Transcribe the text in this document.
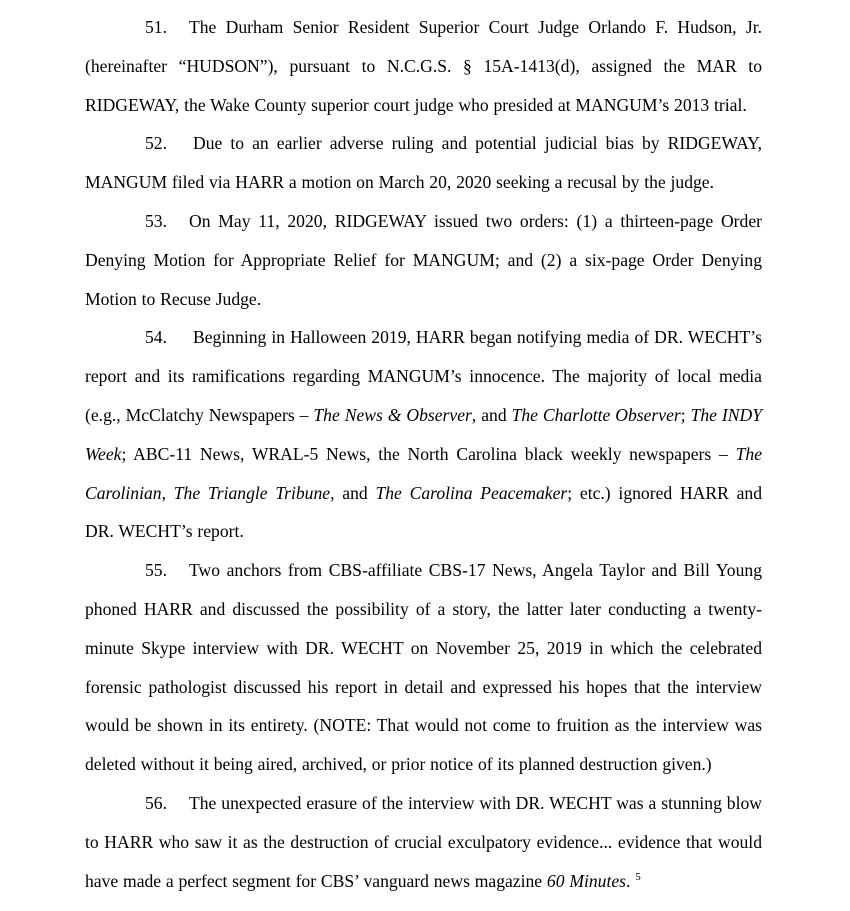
51. The Durham Senior Resident Superior Court Judge Orlando F. Hudson, Jr. (hereinafter “HUDSON”), pursuant to N.C.G.S. § 15A-1413(d), assigned the MAR to RIDGEWAY, the Wake County superior court judge who presided at MANGUM’s 2013 trial.

52. Due to an earlier adverse ruling and potential judicial bias by RIDGEWAY, MANGUM filed via HARR a motion on March 20, 2020 seeking a recusal by the judge.

53. On May 11, 2020, RIDGEWAY issued two orders: (1) a thirteen-page Order Denying Motion for Appropriate Relief for MANGUM; and (2) a six-page Order Denying Motion to Recuse Judge.

54. Beginning in Halloween 2019, HARR began notifying media of DR. WECHT’s report and its ramifications regarding MANGUM’s innocence. The majority of local media (e.g., McClatchy Newspapers – The News & Observer, and The Charlotte Observer; The INDY Week; ABC-11 News, WRAL-5 News, the North Carolina black weekly newspapers – The Carolinian, The Triangle Tribune, and The Carolina Peacemaker; etc.) ignored HARR and DR. WECHT’s report.

55. Two anchors from CBS-affiliate CBS-17 News, Angela Taylor and Bill Young phoned HARR and discussed the possibility of a story, the latter later conducting a twenty-minute Skype interview with DR. WECHT on November 25, 2019 in which the celebrated forensic pathologist discussed his report in detail and expressed his hopes that the interview would be shown in its entirety. (NOTE: That would not come to fruition as the interview was deleted without it being aired, archived, or prior notice of its planned destruction given.)

56. The unexpected erasure of the interview with DR. WECHT was a stunning blow to HARR who saw it as the destruction of crucial exculpatory evidence... evidence that would have made a perfect segment for CBS’ vanguard news magazine 60 Minutes. $^5$
